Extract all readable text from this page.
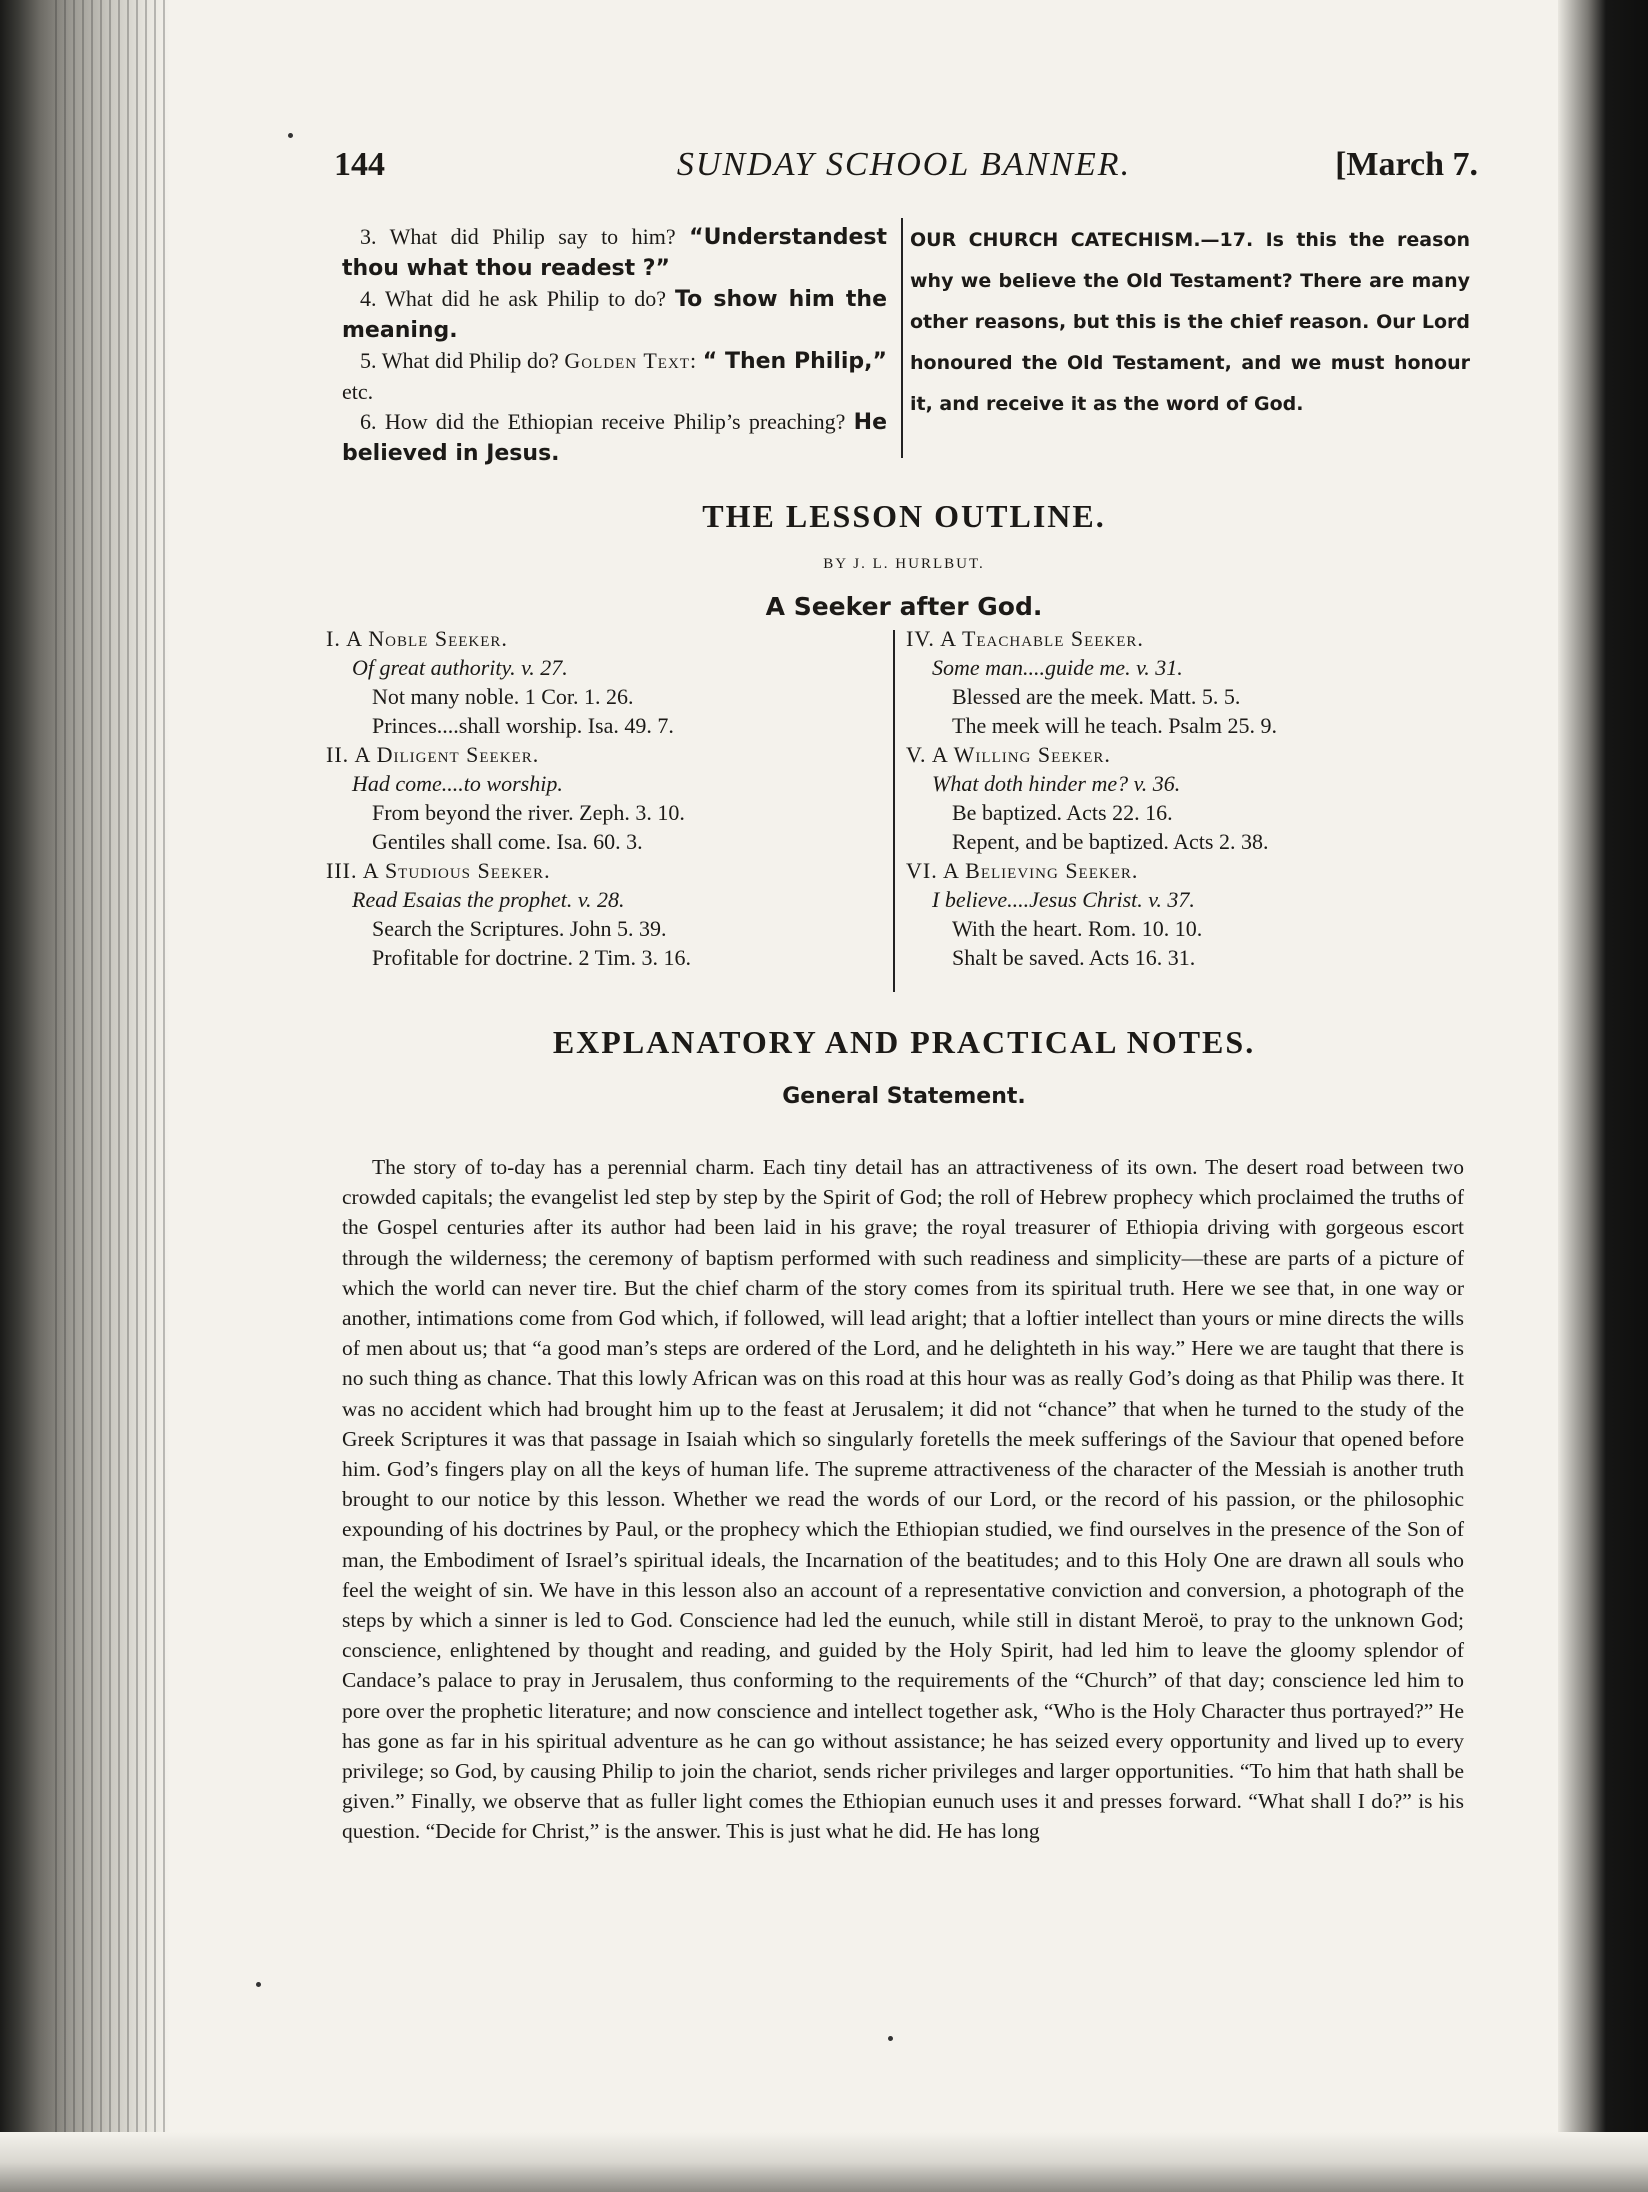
144	SUNDAY SCHOOL BANNER.	[March 7.

3. What did Philip say to him? “Understandest thou what thou readest ?”

4. What did he ask Philip to do? To show him the meaning.

5. What did Philip do? Golden Text: “ Then Philip,” etc.

6. How did the Ethiopian receive Philip’s preaching? He believed in Jesus.

OUR CHURCH CATECHISM.—17. Is this the reason why we believe the Old Testament? There are many other reasons, but this is the chief reason. Our Lord honoured the Old Testament, and we must honour it, and receive it as the word of God.
THE LESSON OUTLINE.
BY J. L. HURLBUT.
A Seeker after God.
I. A Noble Seeker.
Of great authority. v. 27.
Not many noble. 1 Cor. 1. 26.
Princes....shall worship. Isa. 49. 7.
II. A Diligent Seeker.
Had come....to worship.
From beyond the river. Zeph. 3. 10.
Gentiles shall come. Isa. 60. 3.
III. A Studious Seeker.
Read Esaias the prophet. v. 28.
Search the Scriptures. John 5. 39.
Profitable for doctrine. 2 Tim. 3. 16.
IV. A Teachable Seeker.
Some man....guide me. v. 31.
Blessed are the meek. Matt. 5. 5.
The meek will he teach. Psalm 25. 9.
V. A Willing Seeker.
What doth hinder me? v. 36.
Be baptized. Acts 22. 16.
Repent, and be baptized. Acts 2. 38.
VI. A Believing Seeker.
I believe....Jesus Christ. v. 37.
With the heart. Rom. 10. 10.
Shalt be saved. Acts 16. 31.
EXPLANATORY AND PRACTICAL NOTES.
General Statement.

The story of to-day has a perennial charm. Each tiny detail has an attractiveness of its own. The desert road between two crowded capitals; the evangelist led step by step by the Spirit of God; the roll of Hebrew prophecy which proclaimed the truths of the Gospel centuries after its author had been laid in his grave; the royal treasurer of Ethiopia driving with gorgeous escort through the wilderness; the ceremony of baptism performed with such readiness and simplicity—these are parts of a picture of which the world can never tire. But the chief charm of the story comes from its spiritual truth. Here we see that, in one way or another, intimations come from God which, if followed, will lead aright; that a loftier intellect than yours or mine directs the wills of men about us; that “a good man’s steps are ordered of the Lord, and he delighteth in his way.” Here we are taught that there is no such thing as chance. That this lowly African was on this road at this hour was as really God’s doing as that Philip was there. It was no accident which had brought him up to the feast at Jerusalem; it did not “chance” that when he turned to the study of the Greek Scriptures it was that passage in Isaiah which so singularly foretells the meek sufferings of the Saviour that opened before him. God’s fingers play on all the keys of human life. The supreme attractiveness of the character of the Messiah is another truth brought to our notice by this lesson. Whether we read the words of our Lord, or the record of his passion, or the philosophic expounding of his doctrines by Paul, or the prophecy which the Ethiopian studied, we find ourselves in the presence of the Son of man, the Embodiment of Israel’s spiritual ideals, the Incarnation of the beatitudes; and to this Holy One are drawn all souls who feel the weight of sin. We have in this lesson also an account of a representative conviction and conversion, a photograph of the steps by which a sinner is led to God. Conscience had led the eunuch, while still in distant Meroë, to pray to the unknown God; conscience, enlightened by thought and reading, and guided by the Holy Spirit, had led him to leave the gloomy splendor of Candace’s palace to pray in Jerusalem, thus conforming to the requirements of the “Church” of that day; conscience led him to pore over the prophetic literature; and now conscience and intellect together ask, “Who is the Holy Character thus portrayed?” He has gone as far in his spiritual adventure as he can go without assistance; he has seized every opportunity and lived up to every privilege; so God, by causing Philip to join the chariot, sends richer privileges and larger opportunities. “To him that hath shall be given.” Finally, we observe that as fuller light comes the Ethiopian eunuch uses it and presses forward. “What shall I do?” is his question. “Decide for Christ,” is the answer. This is just what he did. He has long
